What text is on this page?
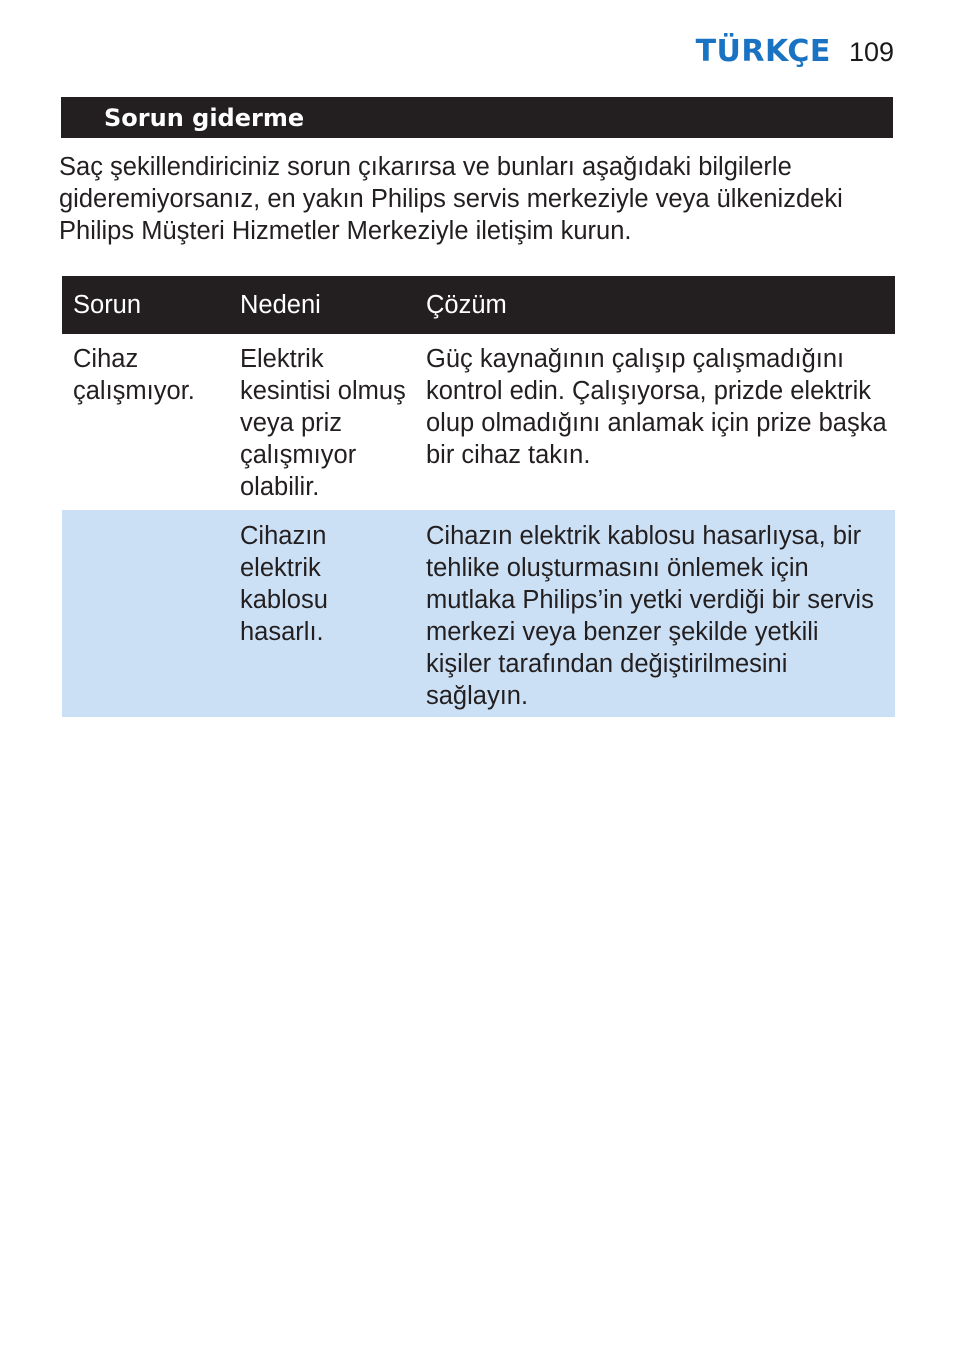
TÜRKÇE 109
Sorun giderme

Saç şekillendiriciniz sorun çıkarırsa ve bunları aşağıdaki bilgilerle gideremiyorsanız, en yakın Philips servis merkeziyle veya ülkenizdeki Philips Müşteri Hizmetler Merkeziyle iletişim kurun.

Sorun	Nedeni	Çözüm
Cihaz çalışmıyor.	Elektrik kesintisi olmuş veya priz çalışmıyor olabilir.	Güç kaynağının çalışıp çalışmadığını kontrol edin. Çalışıyorsa, prizde elektrik olup olmadığını anlamak için prize başka bir cihaz takın.
	Cihazın elektrik kablosu hasarlı.	Cihazın elektrik kablosu hasarlıysa, bir tehlike oluşturmasını önlemek için mutlaka Philips’in yetki verdiği bir servis merkezi veya benzer şekilde yetkili kişiler tarafından değiştirilmesini sağlayın.
